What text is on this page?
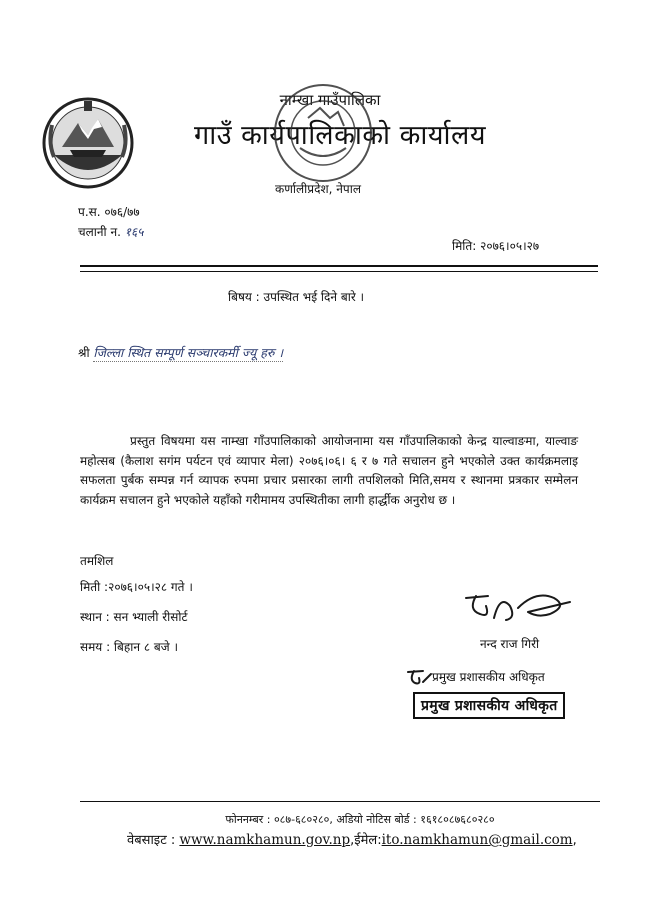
नाम्खा गाउँपालिका
गाउँ कार्यपालिकाको कार्यालय
कर्णालीप्रदेश, नेपाल
प.स. ०७६/७७
चलानी न. १६५
मिति: २०७६।०५।२७
बिषय : उपस्थित भई दिने बारे ।
श्री जिल्ला स्थित सम्पूर्ण सञ्चारकर्मी ज्यू हरु ।
प्रस्तुत विषयमा यस नाम्खा गाँउपालिकाको आयोजनामा यस गाँउपालिकाको केन्द्र याल्वाङमा, याल्वाङ महोत्सब (कैलाश सगंम पर्यटन एवं व्यापार मेला) २०७६।०६। ६ र ७ गते सचालन हुने भएकोले उक्त कार्यक्रमलाइ सफलता पुर्बक सम्पन्न गर्न व्यापक रुपमा प्रचार प्रसारका लागी तपशिलको मिति,समय र स्थानमा प्रत्रकार सम्मेलन कार्यक्रम सचालन हुने भएकोले यहाँको गरीमामय उपस्थितीका लागी हार्द्धीक अनुरोध छ ।
तमशिल
मिती :२०७६।०५।२८ गते ।
स्थान : सन भ्याली रीसोर्ट
समय : बिहान ८ बजे ।	नन्द राज गिरी
प्रमुख प्रशासकीय अधिकृत
प्रमुख प्रशासकीय अधिकृत
फोननम्बर : ०८७-६८०२८०, अडियो नोटिस बोर्ड : १६१८०८७६८०२८०
वेबसाइट : www.namkhamun.gov.np,ईमेल:ito.namkhamun@gmail.com,
